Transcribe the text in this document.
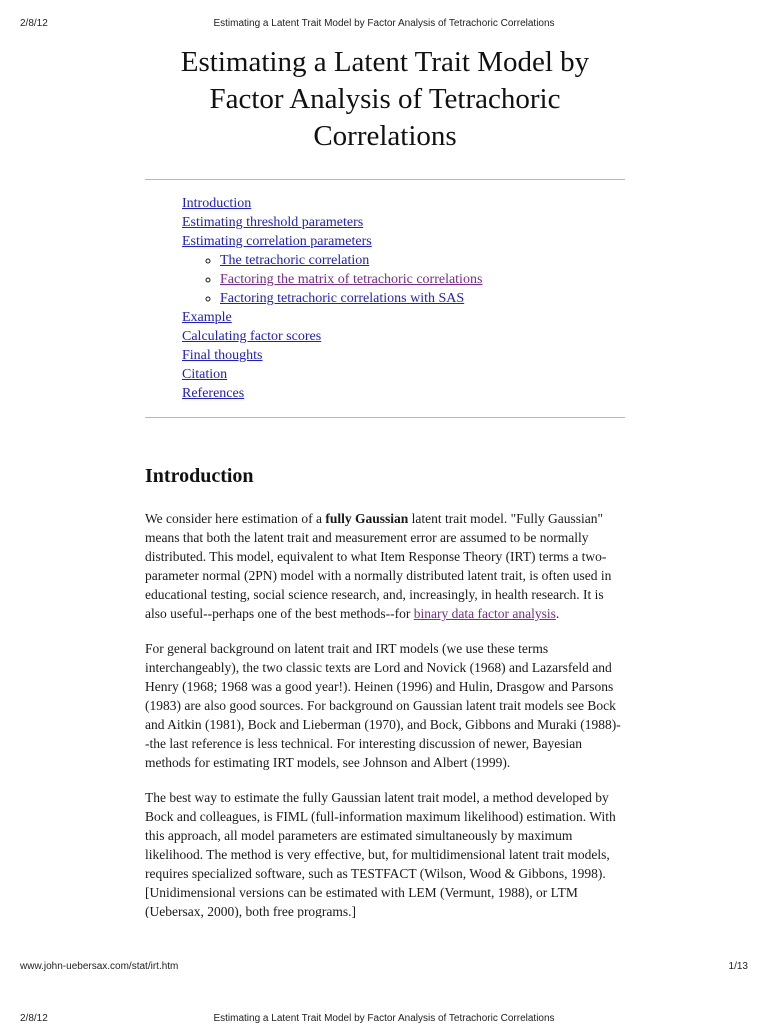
2/8/12	Estimating a Latent Trait Model by Factor Analysis of Tetrachoric Correlations
Estimating a Latent Trait Model by Factor Analysis of Tetrachoric Correlations
Introduction
Estimating threshold parameters
Estimating correlation parameters
◦ The tetrachoric correlation
◦ Factoring the matrix of tetrachoric correlations
◦ Factoring tetrachoric correlations with SAS
Example
Calculating factor scores
Final thoughts
Citation
References
Introduction

We consider here estimation of a fully Gaussian latent trait model. "Fully Gaussian" means that both the latent trait and measurement error are assumed to be normally distributed. This model, equivalent to what Item Response Theory (IRT) terms a two-parameter normal (2PN) model with a normally distributed latent trait, is often used in educational testing, social science research, and, increasingly, in health research. It is also useful--perhaps one of the best methods--for binary data factor analysis.

For general background on latent trait and IRT models (we use these terms interchangeably), the two classic texts are Lord and Novick (1968) and Lazarsfeld and Henry (1968; 1968 was a good year!). Heinen (1996) and Hulin, Drasgow and Parsons (1983) are also good sources. For background on Gaussian latent trait models see Bock and Aitkin (1981), Bock and Lieberman (1970), and Bock, Gibbons and Muraki (1988)--the last reference is less technical. For interesting discussion of newer, Bayesian methods for estimating IRT models, see Johnson and Albert (1999).

The best way to estimate the fully Gaussian latent trait model, a method developed by Bock and colleagues, is FIML (full-information maximum likelihood) estimation. With this approach, all model parameters are estimated simultaneously by maximum likelihood. The method is very effective, but, for multidimensional latent trait models, requires specialized software, such as TESTFACT (Wilson, Wood & Gibbons, 1998). [Unidimensional versions can be estimated with LEM (Vermunt, 1988), or LTM (Uebersax, 2000), both free programs.]

www.john-uebersax.com/stat/irt.htm	1/13
2/8/12	Estimating a Latent Trait Model by Factor Analysis of Tetrachoric Correlations
